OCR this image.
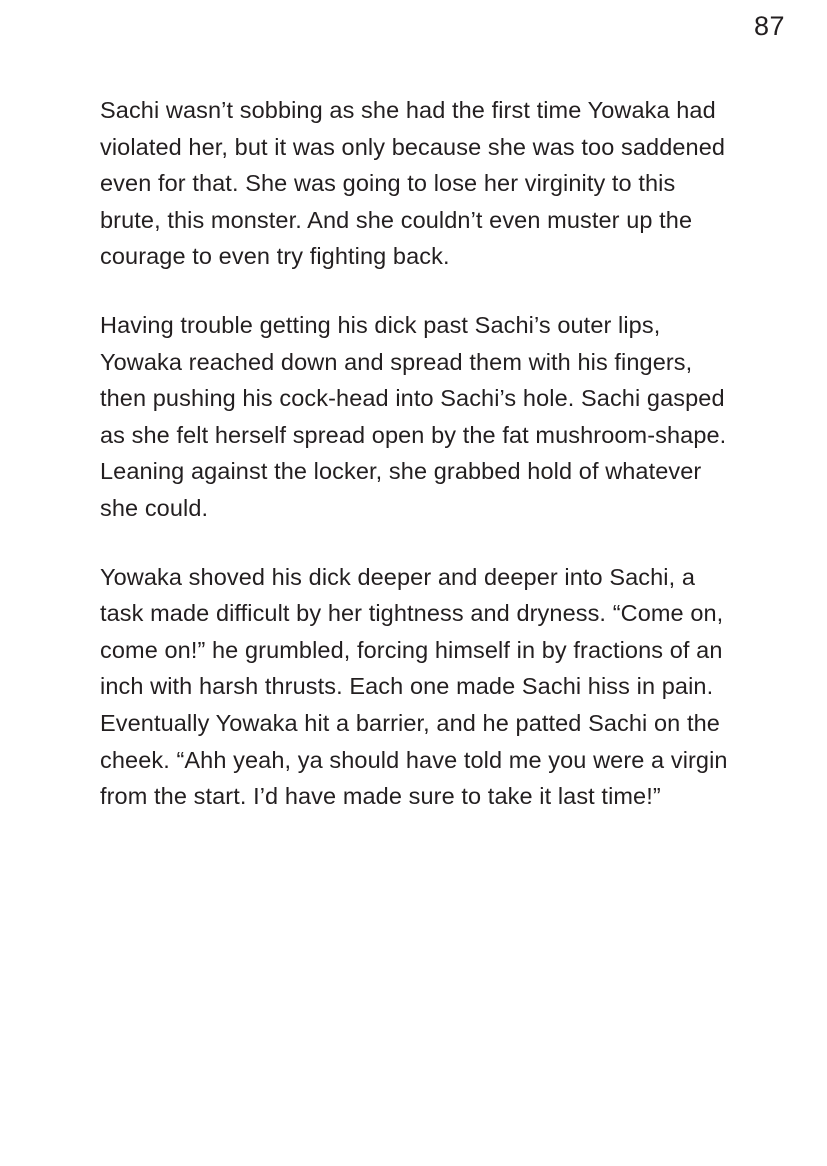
87

Sachi wasn’t sobbing as she had the first time Yowaka had violated her, but it was only because she was too saddened even for that. She was going to lose her virginity to this brute, this monster. And she couldn’t even muster up the courage to even try fighting back.

Having trouble getting his dick past Sachi’s outer lips, Yowaka reached down and spread them with his fingers, then pushing his cock-head into Sachi’s hole. Sachi gasped as she felt herself spread open by the fat mushroom-shape. Leaning against the locker, she grabbed hold of whatever she could.

Yowaka shoved his dick deeper and deeper into Sachi, a task made difficult by her tightness and dryness. “Come on, come on!” he grumbled, forcing himself in by fractions of an inch with harsh thrusts. Each one made Sachi hiss in pain. Eventually Yowaka hit a barrier, and he patted Sachi on the cheek. “Ahh yeah, ya should have told me you were a virgin from the start. I’d have made sure to take it last time!”
